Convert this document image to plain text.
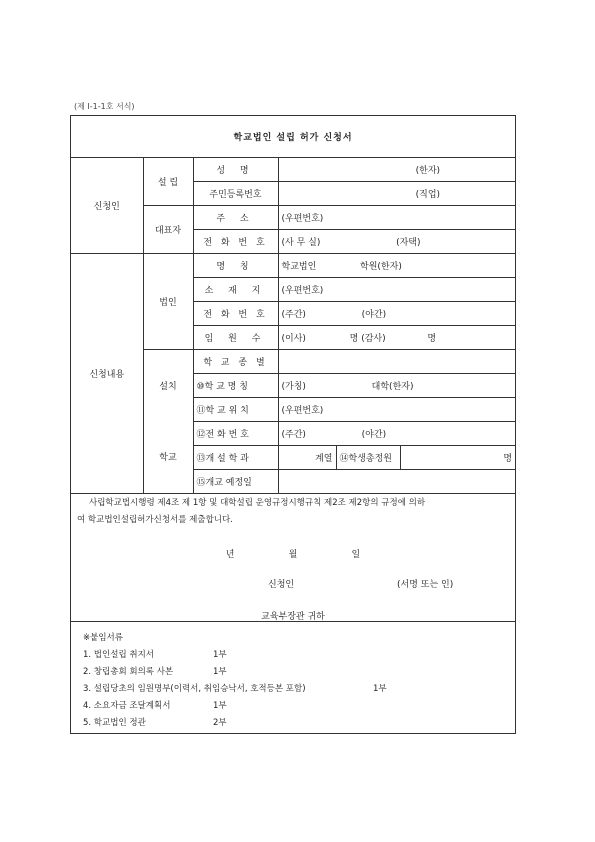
(제 Ⅰ-1-1호 서식)
학교법인 설립 허가 신청서					
신청인	설 립	성 명	(한자)		
		주민등록번호	(직업)		
	대표자	주 소	(우편번호)		
		전 화 번 호	(사 무 실) (자택)		
신청내용	법인	명 칭	학교법인 학원(한자)		
		소 재 지	(우편번호)		
		전 화 번 호	(주간) (야간)		
		임 원 수	(이사) 명 (감사) 명		
	설치	학 교 종 별			
		⑩학 교 명 칭	(가칭) 대학(한자)		
		⑪학 교 위 치	(우편번호)		
	학교	⑫전 화 번 호	(주간) (야간)		
		⑬개 설 학 과	계열	⑭학생총정원	명
		⑮개교 예정일			
사립학교법시행령 제4조 제 1항 및 대학설립 운영규정시행규칙 제2조 제2항의 규정에 의하
여 학교법인설립허가신청서를 제출합니다.
년	월	일
신청인	(서명 또는 인)
교육부장관 귀하
※붙임서류
1. 법인설립 취지서	1부
2. 창립총회 회의록 사본	1부
3. 설립당초의 임원명부(이력서, 취임승낙서, 호적등본 포함)	1부
4. 소요자금 조달계획서	1부
5. 학교법인 정관	2부
